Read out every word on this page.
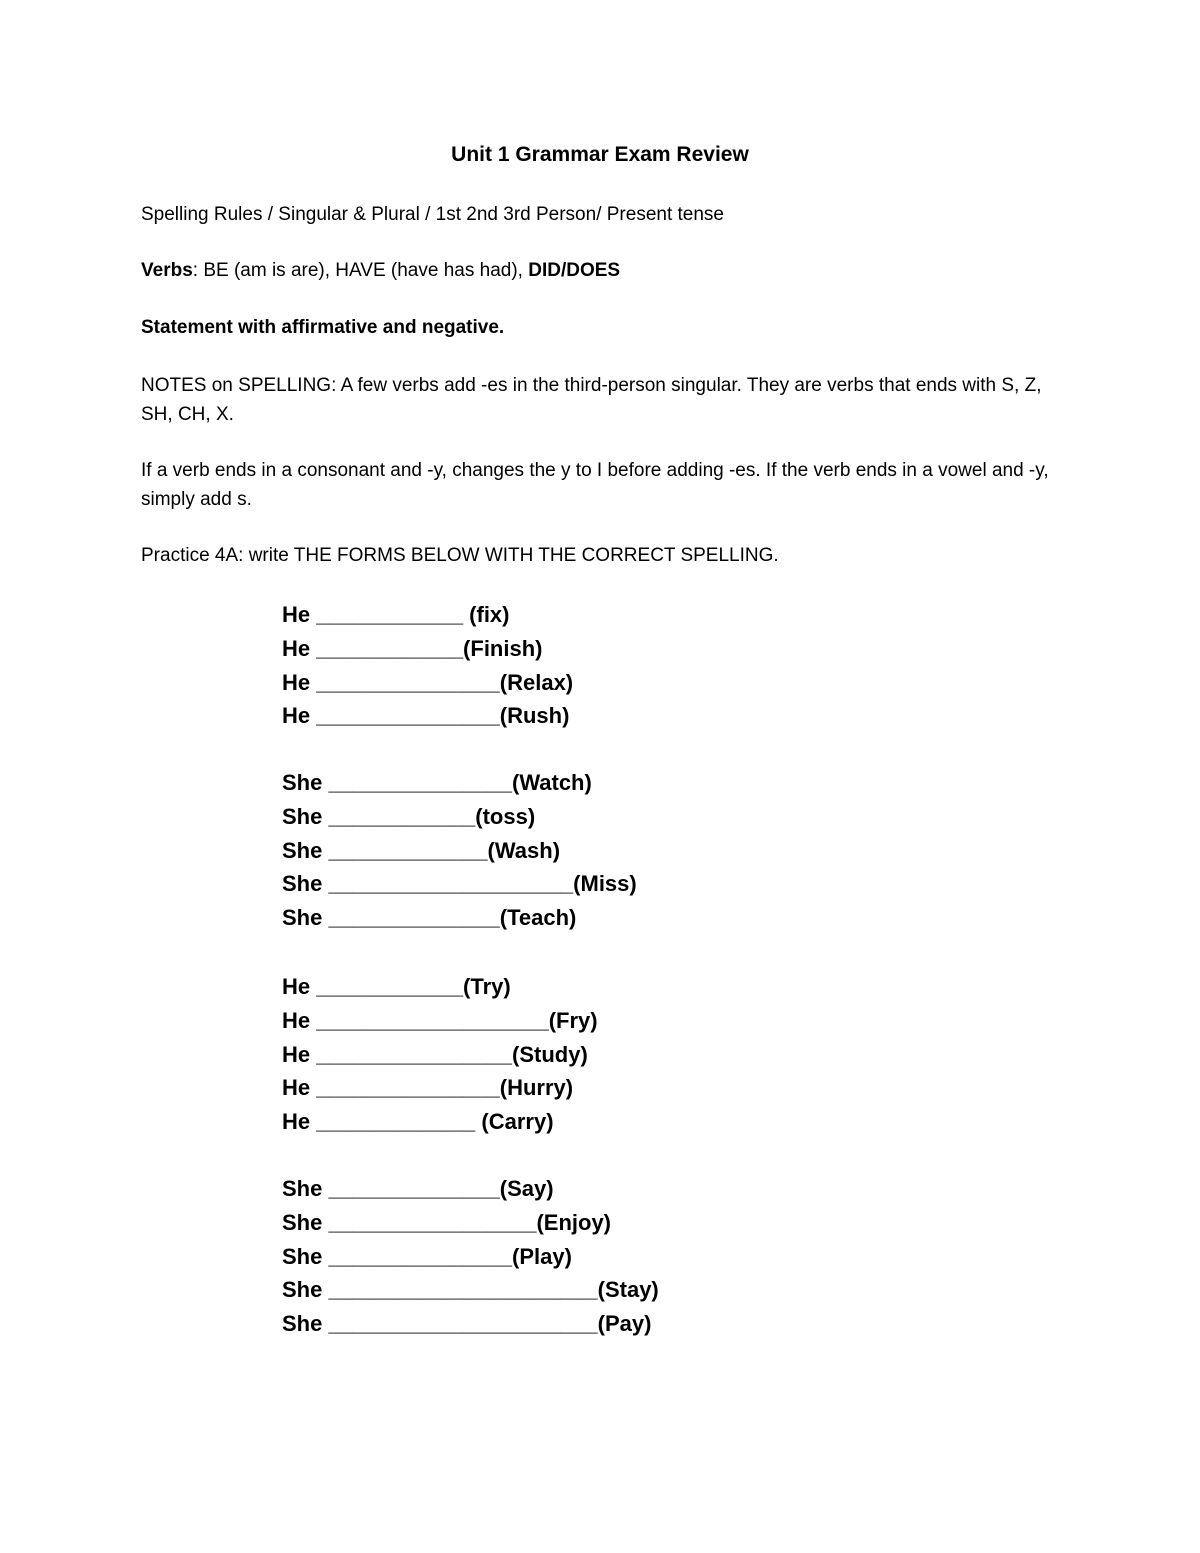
Unit 1 Grammar Exam Review
Spelling Rules / Singular & Plural / 1st 2nd 3rd Person/ Present tense
Verbs: BE (am is are), HAVE (have has had), DID/DOES
Statement with affirmative and negative.
NOTES on SPELLING: A few verbs add -es in the third-person singular. They are verbs that ends with S, Z, SH, CH, X.
If a verb ends in a consonant and -y, changes the y to I before adding -es. If the verb ends in a vowel and -y, simply add s.
Practice 4A: write THE FORMS BELOW WITH THE CORRECT SPELLING.
He ____________ (fix)
He ____________(Finish)
He _______________(Relax)
He _______________(Rush)
She _______________(Watch)
She ____________(toss)
She _____________(Wash)
She ____________________(Miss)
She ______________(Teach)
He ____________(Try)
He ___________________(Fry)
He ________________(Study)
He _______________(Hurry)
He _____________ (Carry)
She ______________(Say)
She _________________(Enjoy)
She _______________(Play)
She ______________________(Stay)
She ______________________(Pay)
